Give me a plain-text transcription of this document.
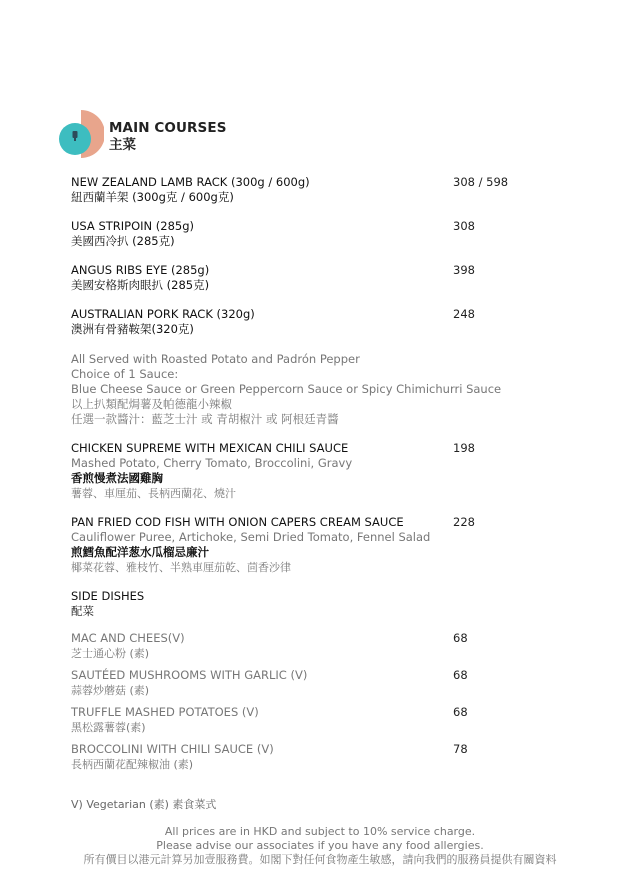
MAIN COURSES
主菜
NEW ZEALAND LAMB RACK (300g / 600g)
紐西蘭羊架 (300g克 / 600g克)
308 / 598
USA STRIPOIN (285g)
美國西冷扒 (285克)
308
ANGUS RIBS EYE (285g)
美國安格斯肉眼扒 (285克)
398
AUSTRALIAN PORK RACK (320g)
澳洲有骨豬鞍架(320克)
248
All Served with Roasted Potato and Padrón Pepper
Choice of 1 Sauce:
Blue Cheese Sauce or Green Peppercorn Sauce or Spicy Chimichurri Sauce
以上扒類配焗薯及帕德龍小辣椒
任選一款醬汁：藍芝士汁 或 青胡椒汁 或 阿根廷青醬
CHICKEN SUPREME WITH MEXICAN CHILI SAUCE
Mashed Potato, Cherry Tomato, Broccolini, Gravy
香煎慢煮法國雞胸
薯蓉、車厘茄、長柄西蘭花、燒汁
198
PAN FRIED COD FISH WITH ONION CAPERS CREAM SAUCE
Cauliflower Puree, Artichoke, Semi Dried Tomato, Fennel Salad
煎鱈魚配洋葱水瓜榴忌廉汁
椰菜花蓉、雅枝竹、半熟車厘茄乾、茴香沙律
228
SIDE DISHES
配菜
MAC AND CHEES(V)
芝士通心粉 (素)
68
SAUTÉED MUSHROOMS WITH GARLIC (V)
蒜蓉炒蘑菇 (素)
68
TRUFFLE MASHED POTATOES (V)
黑松露薯蓉(素)
68
BROCCOLINI WITH CHILI SAUCE (V)
長柄西蘭花配辣椒油 (素)
78
V) Vegetarian (素) 素食菜式
All prices are in HKD and subject to 10% service charge.
Please advise our associates if you have any food allergies.
所有價目以港元計算另加壹服務費。如閣下對任何食物產生敏感，請向我們的服務員提供有關資料
